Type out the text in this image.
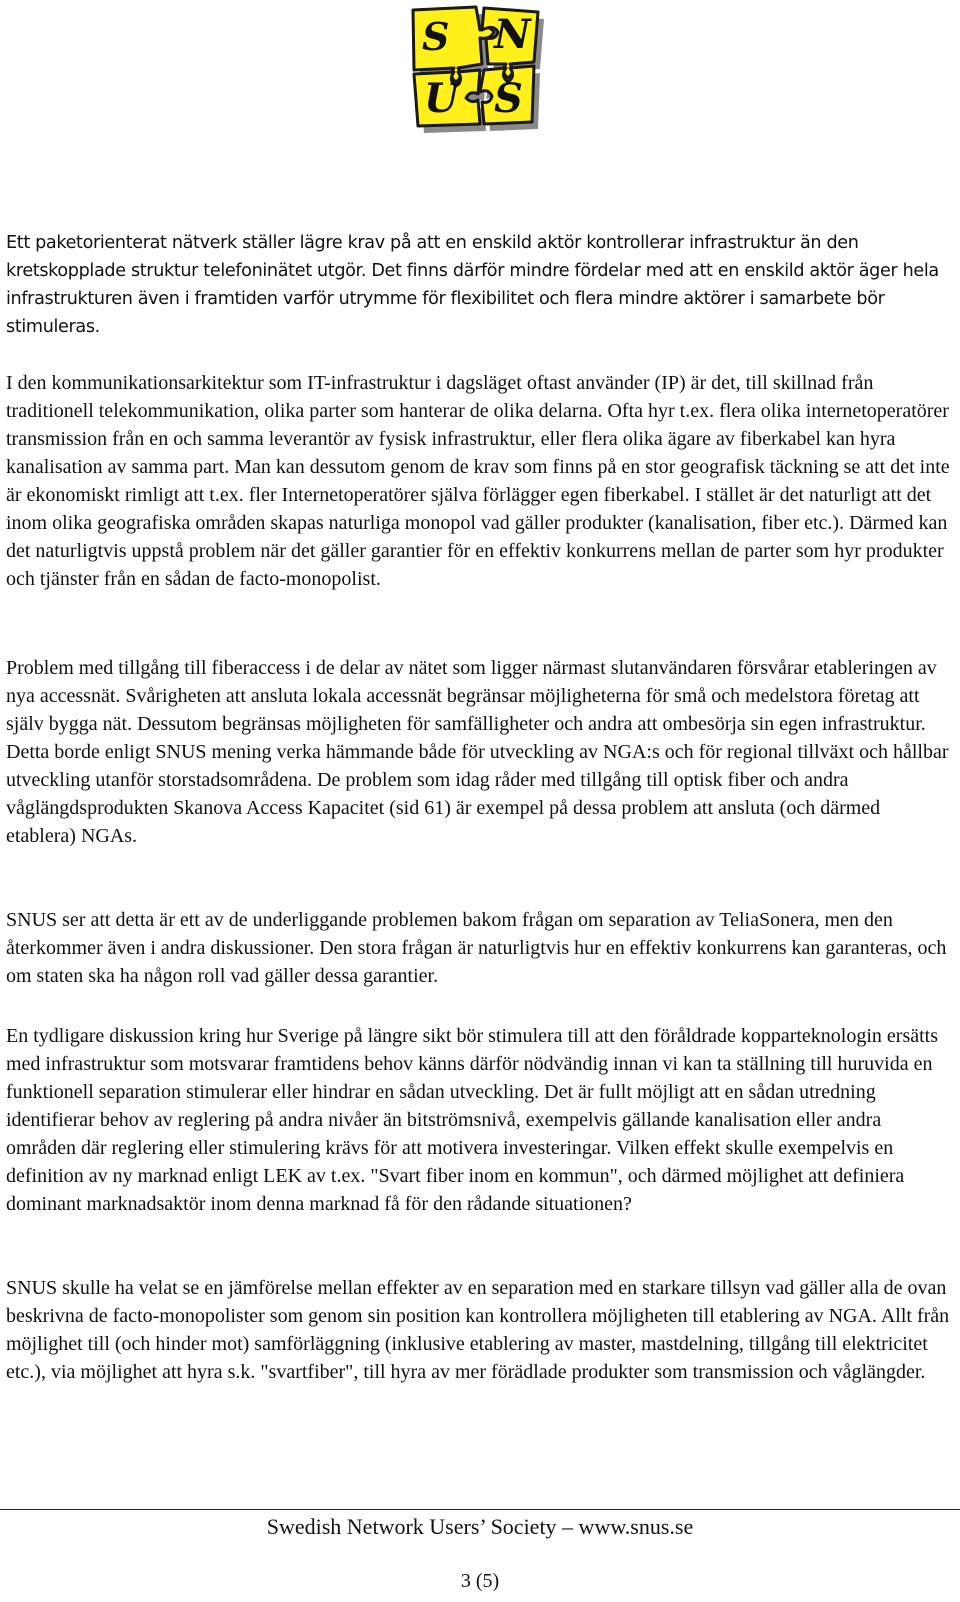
S N
U S

Ett paketorienterat nätverk ställer lägre krav på att en enskild aktör kontrollerar infrastruktur än den kretskopplade struktur telefoninätet utgör. Det finns därför mindre fördelar med att en enskild aktör äger hela infrastrukturen även i framtiden varför utrymme för flexibilitet och flera mindre aktörer i samarbete bör stimuleras.

I den kommunikationsarkitektur som IT-infrastruktur i dagsläget oftast använder (IP) är det, till skillnad från traditionell telekommunikation, olika parter som hanterar de olika delarna. Ofta hyr t.ex. flera olika internetoperatörer transmission från en och samma leverantör av fysisk infrastruktur, eller flera olika ägare av fiberkabel kan hyra kanalisation av samma part. Man kan dessutom genom de krav som finns på en stor geografisk täckning se att det inte är ekonomiskt rimligt att t.ex. fler Internetoperatörer själva förlägger egen fiberkabel. I stället är det naturligt att det inom olika geografiska områden skapas naturliga monopol vad gäller produkter (kanalisation, fiber etc.). Därmed kan det naturligtvis uppstå problem när det gäller garantier för en effektiv konkurrens mellan de parter som hyr produkter och tjänster från en sådan de facto-monopolist.

Problem med tillgång till fiberaccess i de delar av nätet som ligger närmast slutanvändaren försvårar etableringen av nya accessnät. Svårigheten att ansluta lokala accessnät begränsar möjligheterna för små och medelstora företag att själv bygga nät. Dessutom begränsas möjligheten för samfälligheter och andra att ombesörja sin egen infrastruktur. Detta borde enligt SNUS mening verka hämmande både för utveckling av NGA:s och för regional tillväxt och hållbar utveckling utanför storstadsområdena. De problem som idag råder med tillgång till optisk fiber och andra våglängdsprodukten Skanova Access Kapacitet (sid 61) är exempel på dessa problem att ansluta (och därmed etablera) NGAs.

SNUS ser att detta är ett av de underliggande problemen bakom frågan om separation av TeliaSonera, men den återkommer även i andra diskussioner. Den stora frågan är naturligtvis hur en effektiv konkurrens kan garanteras, och om staten ska ha någon roll vad gäller dessa garantier.

En tydligare diskussion kring hur Sverige på längre sikt bör stimulera till att den föråldrade kopparteknologin ersätts med infrastruktur som motsvarar framtidens behov känns därför nödvändig innan vi kan ta ställning till huruvida en funktionell separation stimulerar eller hindrar en sådan utveckling. Det är fullt möjligt att en sådan utredning identifierar behov av reglering på andra nivåer än bitströmsnivå, exempelvis gällande kanalisation eller andra områden där reglering eller stimulering krävs för att motivera investeringar. Vilken effekt skulle exempelvis en definition av ny marknad enligt LEK av t.ex. "Svart fiber inom en kommun", och därmed möjlighet att definiera dominant marknadsaktör inom denna marknad få för den rådande situationen?

SNUS skulle ha velat se en jämförelse mellan effekter av en separation med en starkare tillsyn vad gäller alla de ovan beskrivna de facto-monopolister som genom sin position kan kontrollera möjligheten till etablering av NGA. Allt från möjlighet till (och hinder mot) samförläggning (inklusive etablering av master, mastdelning, tillgång till elektricitet etc.), via möjlighet att hyra s.k. "svartfiber", till hyra av mer förädlade produkter som transmission och våglängder.

Swedish Network Users’ Society – www.snus.se
3 (5)
